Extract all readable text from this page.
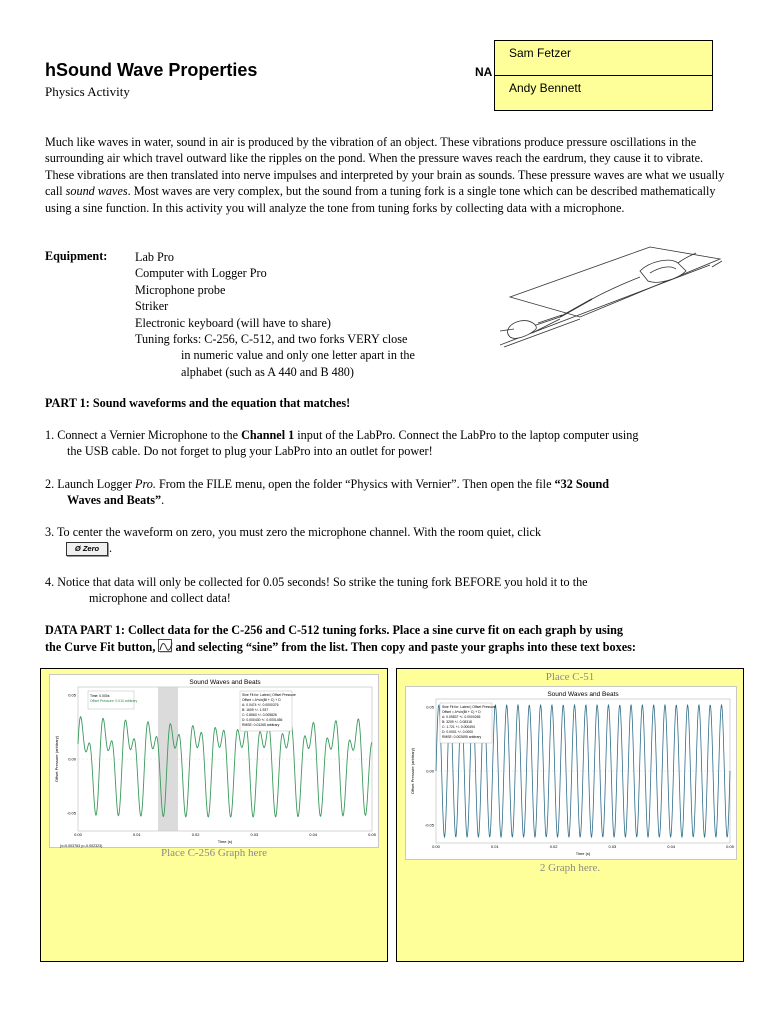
hSound Wave Properties
Physics Activity
NA
Sam Fetzer
Andy Bennett
Much like waves in water, sound in air is produced by the vibration of an object. These vibrations produce pressure oscillations in the surrounding air which travel outward like the ripples on the pond. When the pressure waves reach the eardrum, they cause it to vibrate. These vibrations are then translated into nerve impulses and interpreted by your brain as sounds. These pressure waves are what we usually call sound waves. Most waves are very complex, but the sound from a tuning fork is a single tone which can be described mathematically using a sine function. In this activity you will analyze the tone from tuning forks by collecting data with a microphone.
Equipment: Lab Pro
Computer with Logger Pro
Microphone probe
Striker
Electronic keyboard (will have to share)
Tuning forks: C-256, C-512, and two forks VERY close
in numeric value and only one letter apart in the
alphabet (such as A 440 and B 480)
PART 1: Sound waveforms and the equation that matches!
1. Connect a Vernier Microphone to the Channel 1 input of the LabPro. Connect the LabPro to the laptop computer using
the USB cable. Do not forget to plug your LabPro into an outlet for power!
2. Launch Logger Pro. From the FILE menu, open the folder “Physics with Vernier”. Then open the file “32 Sound
Waves and Beats”.
3. To center the waveform on zero, you must zero the microphone channel. With the room quiet, click
Ø Zero .
4. Notice that data will only be collected for 0.05 seconds! So strike the tuning fork BEFORE you hold it to the
microphone and collect data!
DATA PART 1: Collect data for the C-256 and C-512 tuning forks. Place a sine curve fit on each graph by using
the Curve Fit button,  and selecting “sine” from the list. Then copy and paste your graphs into these text boxes:
Sound Waves and Beats
Offset Pressure (arbitrary)
Time (s)
0.05
0.00
-0.05
0.00	0.01	0.02	0.03	0.04	0.05
Time: 0.000s
Offset Pressure: 0.010 arbitrary
Sine Fit for: Latest | Offset Pressure
Offset = A*sin(Bt + C) + D
A: 0.0474 +/- 0.0000376
B: 1609 +/- 1.937
C: 0.8560 +/- 0.005826
D: 0.000430 +/- 0.0001456
RMSE: 0.01265 arbitrary
(x=0.003763 y=-0.002323)
Place C-256 Graph here
Place C-51
Sound Waves and Beats
Offset Pressure (arbitrary)
Time (s)
0.05
0.00
-0.05
0.00	0.01	0.02	0.03	0.04	0.05
Sine Fit for: Latest | Offset Pressure
Offset = A*sin(Bt + C) + D
A: 0.09837 +/- 0.0000265
B: 3209 +/- 0.08318
C: 1.721 +/- 0.000494
D: 0.0001 +/- 0.0000
RMSE: 0.002695 arbitrary
2 Graph here.
